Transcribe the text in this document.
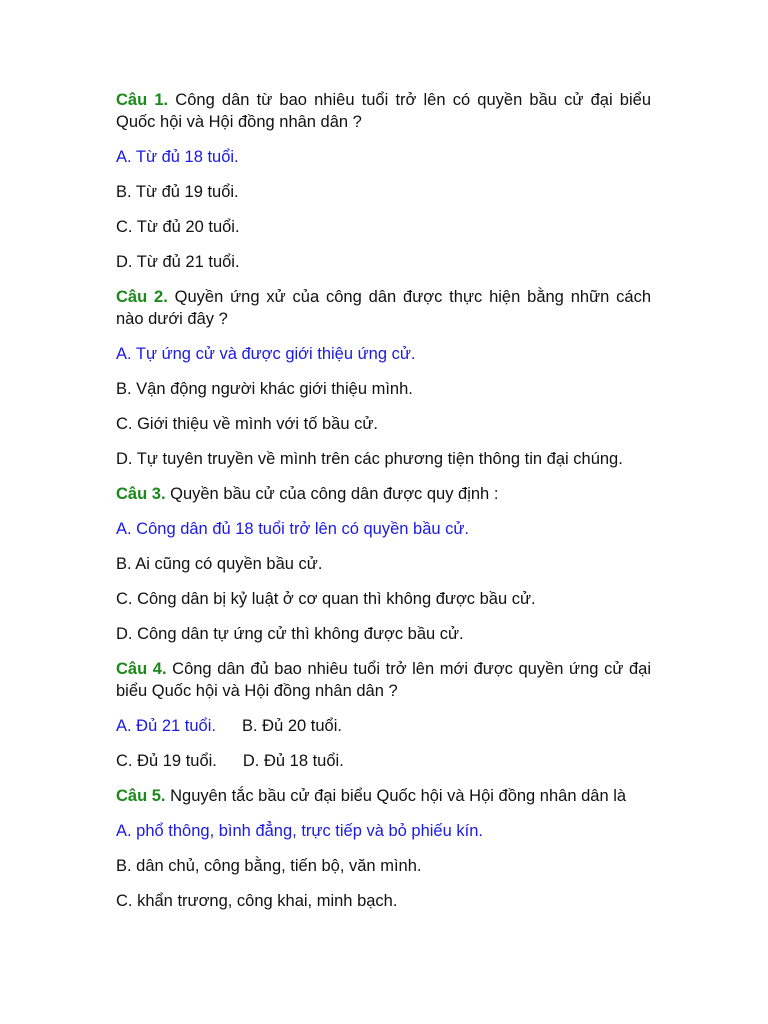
Câu 1. Công dân từ bao nhiêu tuổi trở lên có quyền bầu cử đại biểu Quốc hội và Hội đồng nhân dân ?

A. Từ đủ 18 tuổi.

B. Từ đủ 19 tuổi.

C. Từ đủ 20 tuổi.

D. Từ đủ 21 tuổi.

Câu 2. Quyền ứng xử của công dân được thực hiện bằng nhữn cách nào dưới đây ?

A. Tự ứng cử và được giới thiệu ứng cử.

B. Vận động người khác giới thiệu mình.

C. Giới thiệu về mình với tố bầu cử.

D. Tự tuyên truyền về mình trên các phương tiện thông tin đại chúng.

Câu 3. Quyền bầu cử của công dân được quy định :

A. Công dân đủ 18 tuổi trở lên có quyền bầu cử.

B. Ai cũng có quyền bầu cử.

C. Công dân bị kỷ luật ở cơ quan thì không được bầu cử.

D. Công dân tự ứng cử thì không được bầu cử.

Câu 4. Công dân đủ bao nhiêu tuổi trở lên mới được quyền ứng cử đại biểu Quốc hội và Hội đồng nhân dân ?

A. Đủ 21 tuổi. B. Đủ 20 tuổi.

C. Đủ 19 tuổi. D. Đủ 18 tuổi.

Câu 5. Nguyên tắc bầu cử đại biểu Quốc hội và Hội đồng nhân dân là

A. phổ thông, bình đẳng, trực tiếp và bỏ phiếu kín.

B. dân chủ, công bằng, tiến bộ, văn mình.

C. khẩn trương, công khai, minh bạch.
